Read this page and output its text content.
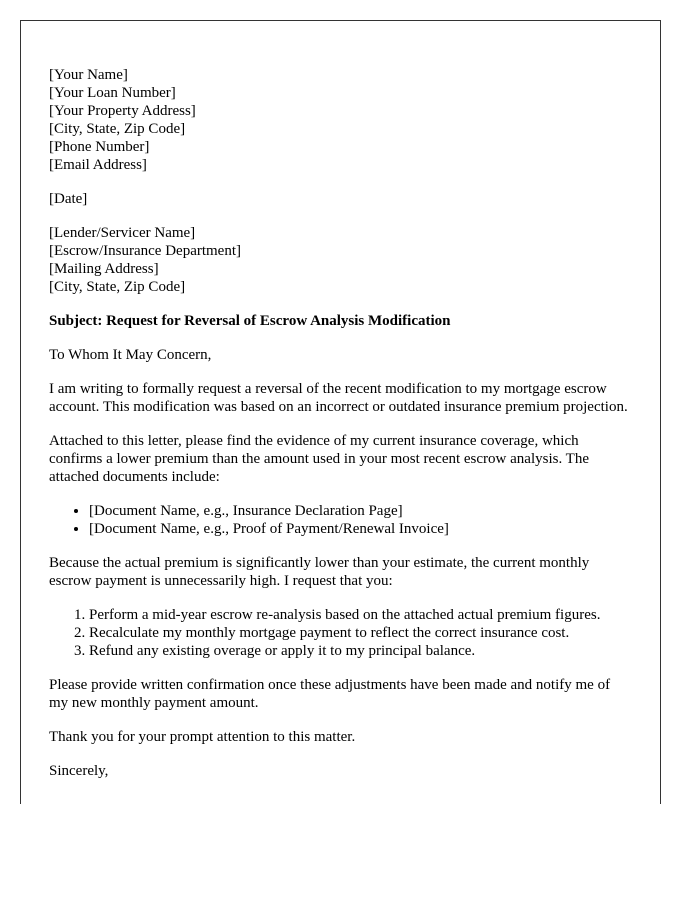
[Your Name]
[Your Loan Number]
[Your Property Address]
[City, State, Zip Code]
[Phone Number]
[Email Address]

[Date]

[Lender/Servicer Name]
[Escrow/Insurance Department]
[Mailing Address]
[City, State, Zip Code]

Subject: Request for Reversal of Escrow Analysis Modification

To Whom It May Concern,

I am writing to formally request a reversal of the recent modification to my mortgage escrow account. This modification was based on an incorrect or outdated insurance premium projection.

Attached to this letter, please find the evidence of my current insurance coverage, which confirms a lower premium than the amount used in your most recent escrow analysis. The attached documents include:

• [Document Name, e.g., Insurance Declaration Page]
• [Document Name, e.g., Proof of Payment/Renewal Invoice]

Because the actual premium is significantly lower than your estimate, the current monthly escrow payment is unnecessarily high. I request that you:

1. Perform a mid-year escrow re-analysis based on the attached actual premium figures.
2. Recalculate my monthly mortgage payment to reflect the correct insurance cost.
3. Refund any existing overage or apply it to my principal balance.

Please provide written confirmation once these adjustments have been made and notify me of my new monthly payment amount.

Thank you for your prompt attention to this matter.

Sincerely,
